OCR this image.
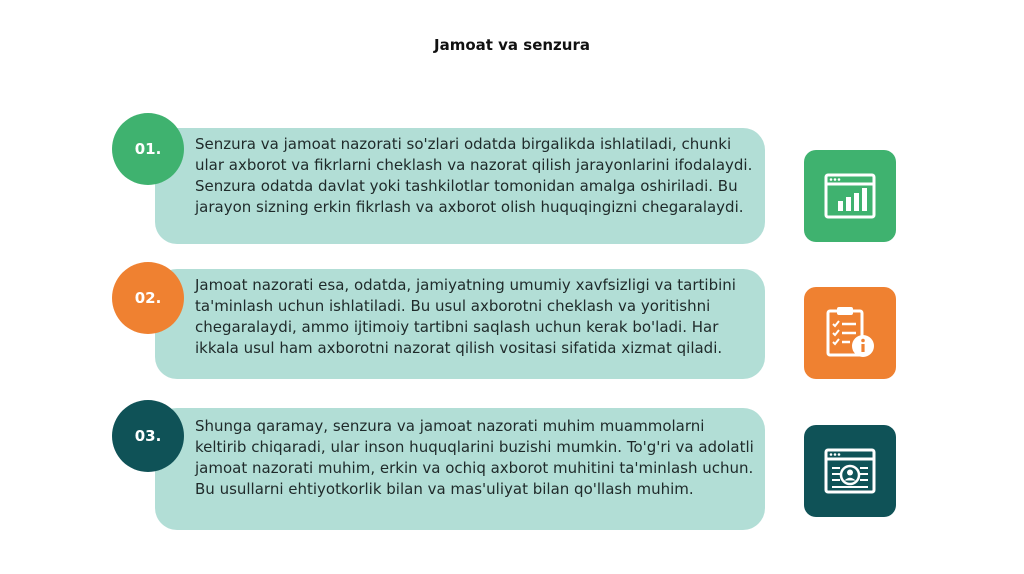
Jamoat va senzura
Senzura va jamoat nazorati so'zlari odatda birgalikda ishlatiladi, chunki ular axborot va fikrlarni cheklash va nazorat qilish jarayonlarini ifodalaydi. Senzura odatda davlat yoki tashkilotlar tomonidan amalga oshiriladi. Bu jarayon sizning erkin fikrlash va axborot olish huquqingizni chegaralaydi.
01.
Jamoat nazorati esa, odatda, jamiyatning umumiy xavfsizligi va tartibini ta'minlash uchun ishlatiladi. Bu usul axborotni cheklash va yoritishni chegaralaydi, ammo ijtimoiy tartibni saqlash uchun kerak bo'ladi. Har ikkala usul ham axborotni nazorat qilish vositasi sifatida xizmat qiladi.
02.
Shunga qaramay, senzura va jamoat nazorati muhim muammolarni keltirib chiqaradi, ular inson huquqlarini buzishi mumkin. To'g'ri va adolatli jamoat nazorati muhim, erkin va ochiq axborot muhitini ta'minlash uchun. Bu usullarni ehtiyotkorlik bilan va mas'uliyat bilan qo'llash muhim.
03.
